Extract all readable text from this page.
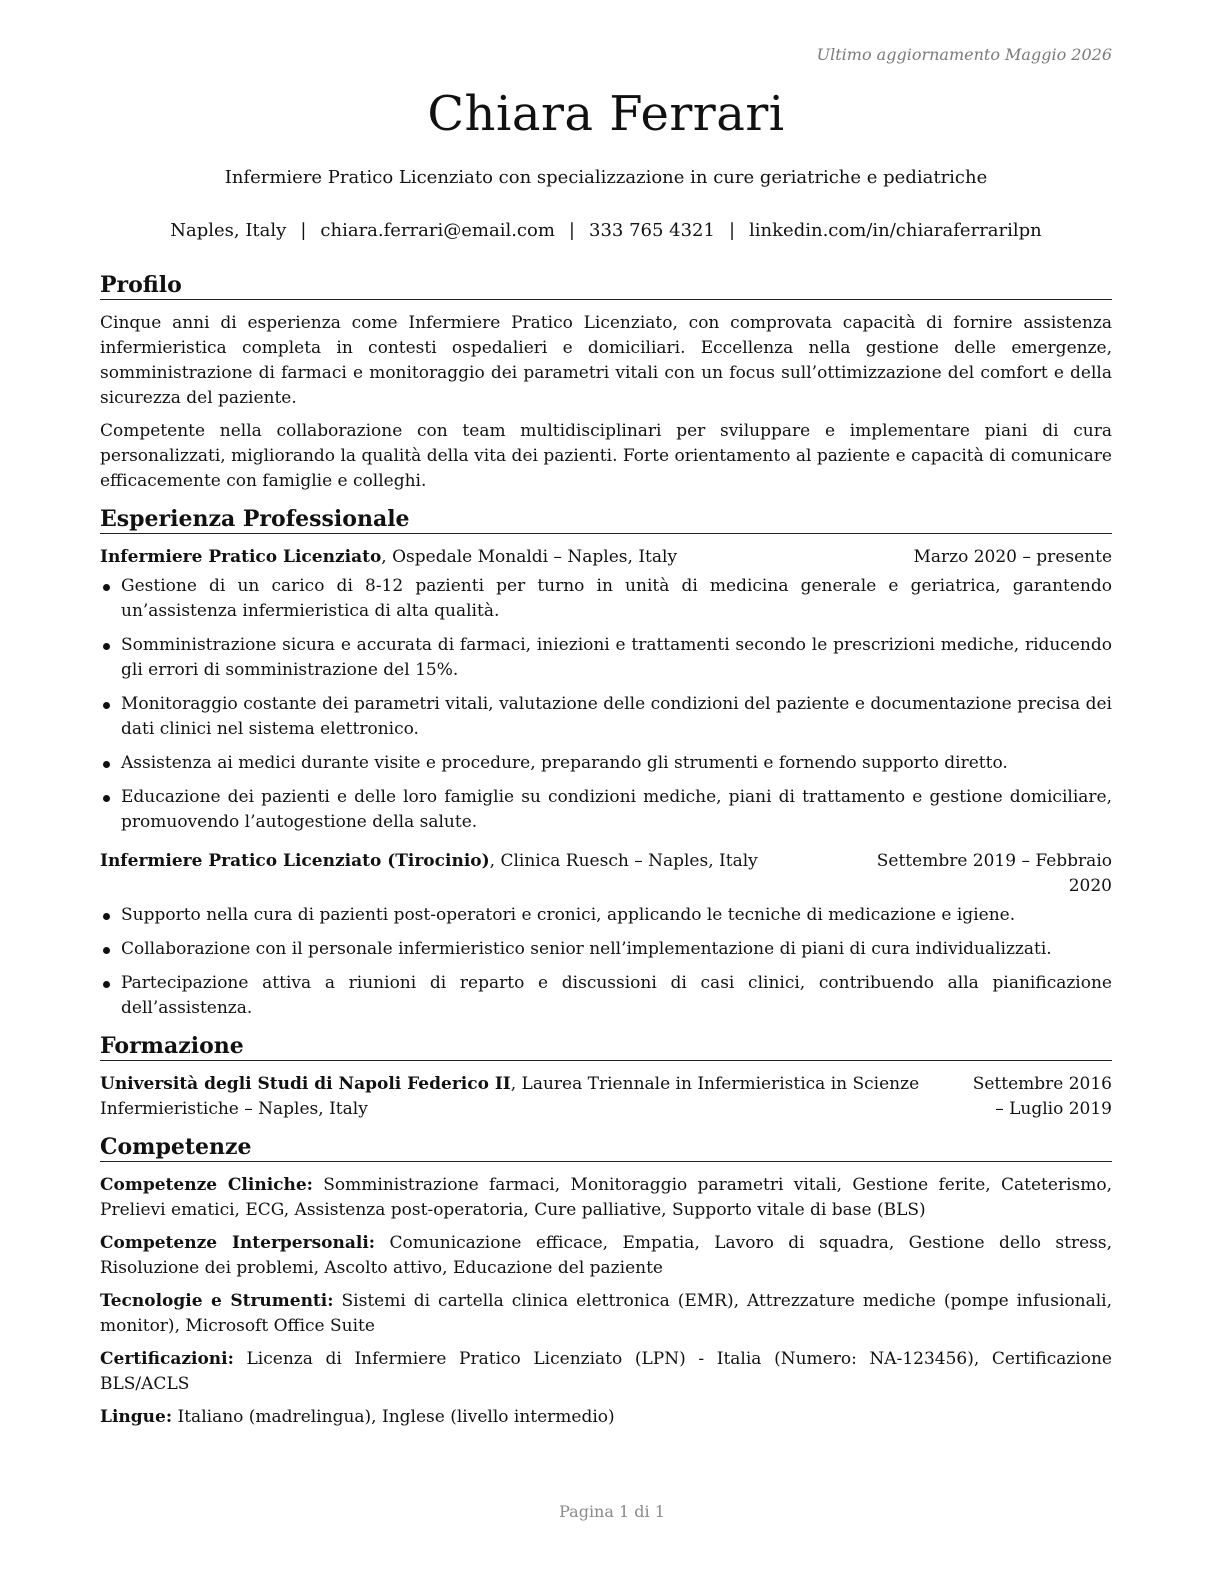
Ultimo aggiornamento Maggio 2026
Chiara Ferrari
Infermiere Pratico Licenziato con specializzazione in cure geriatriche e pediatriche
Naples, Italy | chiara.ferrari@email.com | 333 765 4321 | linkedin.com/in/chiaraferrarilpn
Profilo

Cinque anni di esperienza come Infermiere Pratico Licenziato, con comprovata capacità di fornire assistenza infermieristica completa in contesti ospedalieri e domiciliari. Eccellenza nella gestione delle emergenze, somministrazione di farmaci e monitoraggio dei parametri vitali con un focus sull’ottimizzazione del comfort e della sicurezza del paziente.

Competente nella collaborazione con team multidisciplinari per sviluppare e implementare piani di cura personalizzati, migliorando la qualità della vita dei pazienti. Forte orientamento al paziente e capacità di comunicare efficacemente con famiglie e colleghi.

Esperienza Professionale
Infermiere Pratico Licenziato, Ospedale Monaldi – Naples, Italy	Marzo 2020 – presente
Gestione di un carico di 8-12 pazienti per turno in unità di medicina generale e geriatrica, garantendo un’assistenza infermieristica di alta qualità.
Somministrazione sicura e accurata di farmaci, iniezioni e trattamenti secondo le prescrizioni mediche, riducendo gli errori di somministrazione del 15%.
Monitoraggio costante dei parametri vitali, valutazione delle condizioni del paziente e documentazione precisa dei dati clinici nel sistema elettronico.
Assistenza ai medici durante visite e procedure, preparando gli strumenti e fornendo supporto diretto.
Educazione dei pazienti e delle loro famiglie su condizioni mediche, piani di trattamento e gestione domiciliare, promuovendo l’autogestione della salute.
Infermiere Pratico Licenziato (Tirocinio), Clinica Ruesch – Naples, Italy	Settembre 2019 – Febbraio 2020
Supporto nella cura di pazienti post-operatori e cronici, applicando le tecniche di medicazione e igiene.
Collaborazione con il personale infermieristico senior nell’implementazione di piani di cura individualizzati.
Partecipazione attiva a riunioni di reparto e discussioni di casi clinici, contribuendo alla pianificazione dell’assistenza.
Formazione
Università degli Studi di Napoli Federico II, Laurea Triennale in Infermieristica in Scienze Infermieristiche – Naples, Italy
Settembre 2016 – Luglio 2019
Competenze
Competenze Cliniche: Somministrazione farmaci, Monitoraggio parametri vitali, Gestione ferite, Cateterismo, Prelievi ematici, ECG, Assistenza post-operatoria, Cure palliative, Supporto vitale di base (BLS)
Competenze Interpersonali: Comunicazione efficace, Empatia, Lavoro di squadra, Gestione dello stress, Risoluzione dei problemi, Ascolto attivo, Educazione del paziente
Tecnologie e Strumenti: Sistemi di cartella clinica elettronica (EMR), Attrezzature mediche (pompe infusionali, monitor), Microsoft Office Suite
Certificazioni: Licenza di Infermiere Pratico Licenziato (LPN) - Italia (Numero: NA-123456), Certificazione BLS/ACLS
Lingue: Italiano (madrelingua), Inglese (livello intermedio)
Pagina 1 di 1
